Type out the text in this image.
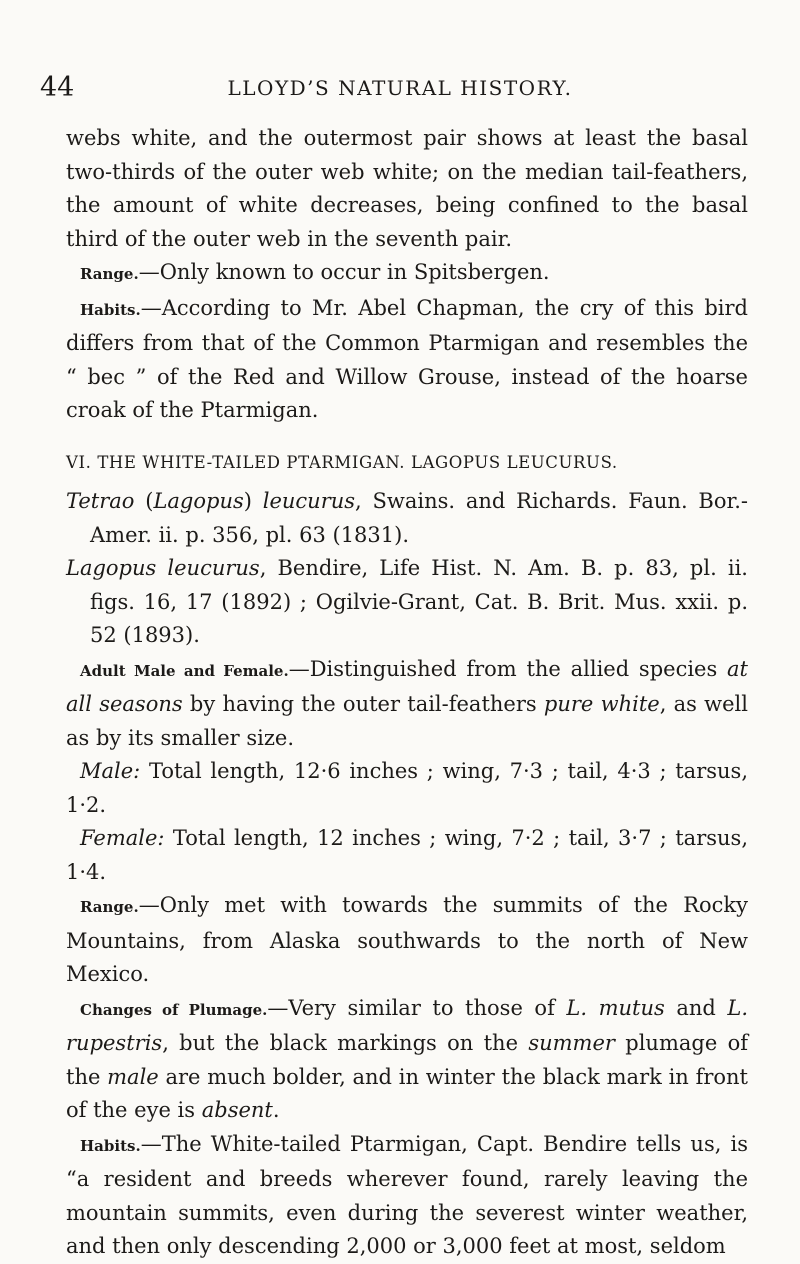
44	LLOYD’S NATURAL HISTORY.

webs white, and the outermost pair shows at least the basal two-thirds of the outer web white; on the median tail-feathers, the amount of white decreases, being confined to the basal third of the outer web in the seventh pair.

Range.—Only known to occur in Spitsbergen.

Habits.—According to Mr. Abel Chapman, the cry of this bird differs from that of the Common Ptarmigan and resembles the “ bec ” of the Red and Willow Grouse, instead of the hoarse croak of the Ptarmigan.

VI. THE WHITE-TAILED PTARMIGAN. LAGOPUS LEUCURUS.

Tetrao (Lagopus) leucurus, Swains. and Richards. Faun. Bor.-Amer. ii. p. 356, pl. 63 (1831).

Lagopus leucurus, Bendire, Life Hist. N. Am. B. p. 83, pl. ii. figs. 16, 17 (1892) ; Ogilvie-Grant, Cat. B. Brit. Mus. xxii. p. 52 (1893).

Adult Male and Female.—Distinguished from the allied species at all seasons by having the outer tail-feathers pure white, as well as by its smaller size.

Male: Total length, 12·6 inches ; wing, 7·3 ; tail, 4·3 ; tarsus, 1·2.

Female: Total length, 12 inches ; wing, 7·2 ; tail, 3·7 ; tarsus, 1·4.

Range.—Only met with towards the summits of the Rocky Mountains, from Alaska southwards to the north of New Mexico.

Changes of Plumage.—Very similar to those of L. mutus and L. rupestris, but the black markings on the summer plumage of the male are much bolder, and in winter the black mark in front of the eye is absent.

Habits.—The White-tailed Ptarmigan, Capt. Bendire tells us, is “a resident and breeds wherever found, rarely leaving the mountain summits, even during the severest winter weather, and then only descending 2,000 or 3,000 feet at most, seldom
